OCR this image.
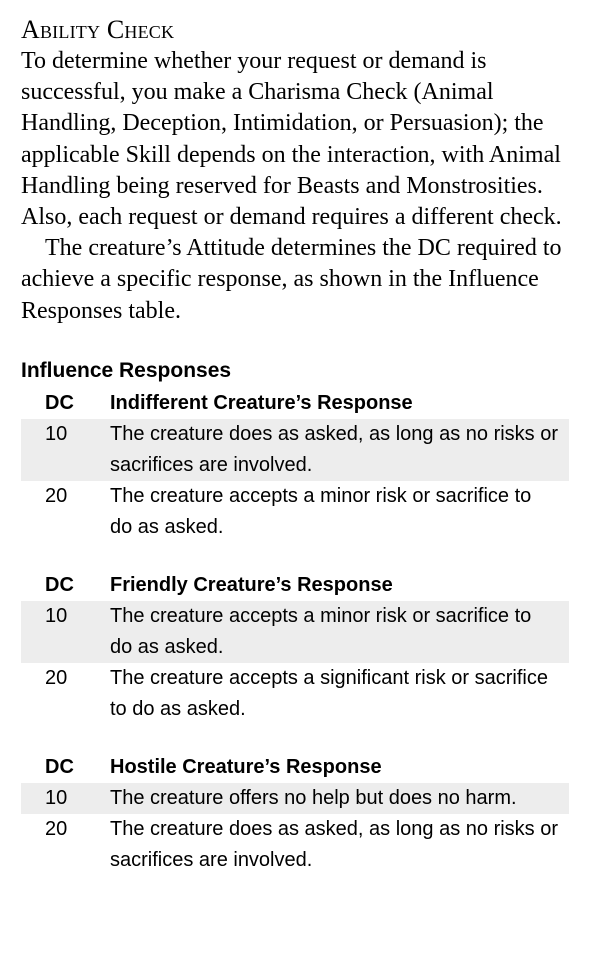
Ability Check

To determine whether your request or demand is successful, you make a Charisma Check (Animal Handling, Deception, Intimidation, or Persuasion); the applicable Skill depends on the interaction, with Animal Handling being reserved for Beasts and Monstrosities. Also, each request or demand requires a different check.

The creature’s Attitude determines the DC required to achieve a specific response, as shown in the Influence Responses table.

Influence Responses
DC	Indifferent Creature’s Response
10	The creature does as asked, as long as no risks or sacrifices are involved.
20	The creature accepts a minor risk or sacrifice to do as asked.
DC	Friendly Creature’s Response
10	The creature accepts a minor risk or sacrifice to do as asked.
20	The creature accepts a significant risk or sacrifice to do as asked.
DC	Hostile Creature’s Response
10	The creature offers no help but does no harm.
20	The creature does as asked, as long as no risks or sacrifices are involved.
